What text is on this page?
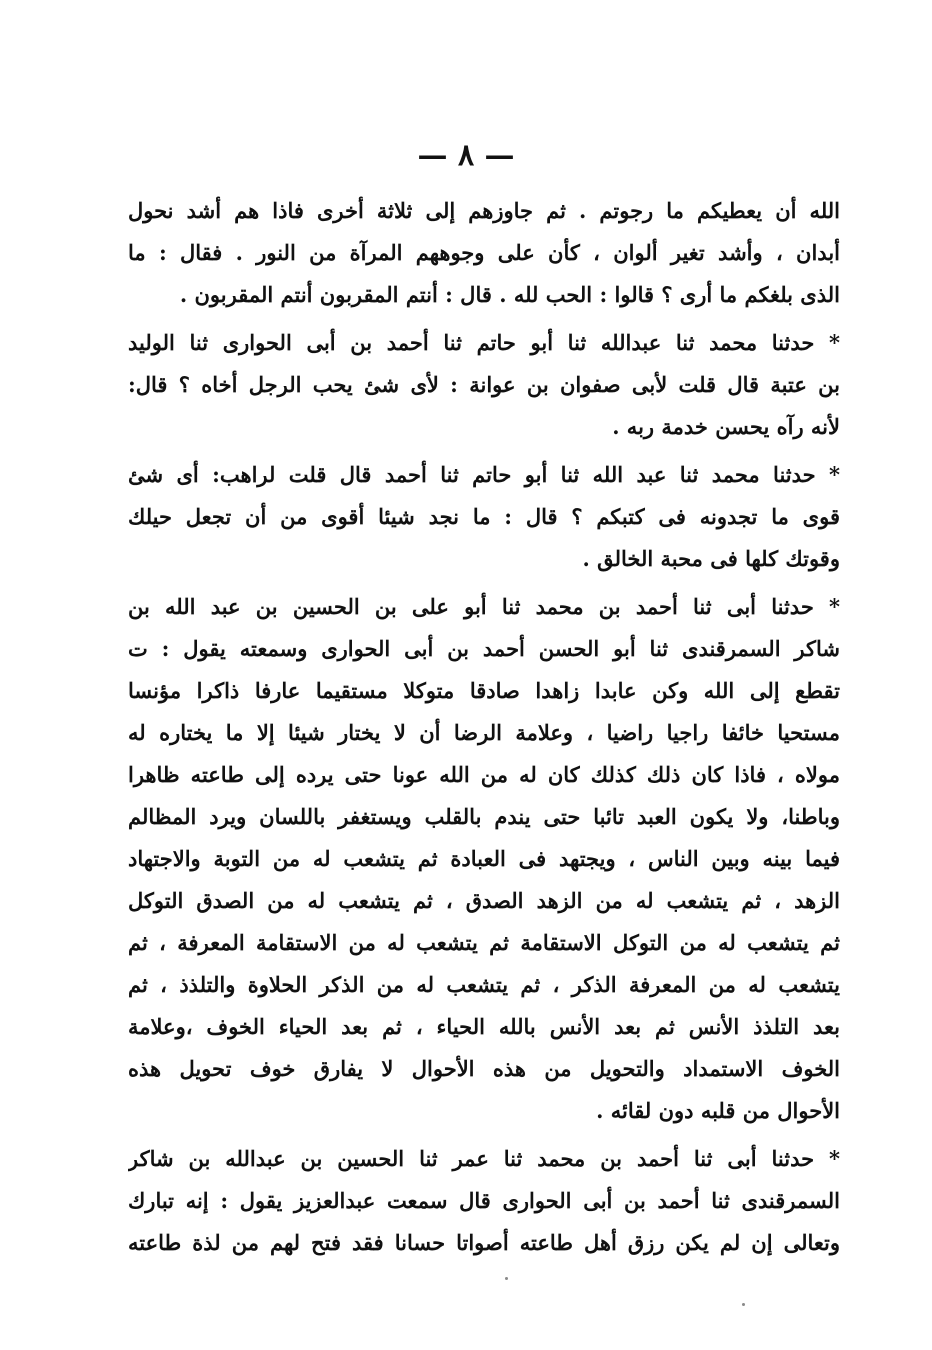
— ٨ —
الله أن يعطيكم ما رجوتم . ثم جاوزهم إلى ثلاثة أخرى فاذا هم أشد نحول
أبدان ، وأشد تغير ألوان ، كأن على وجوههم المرآة من النور . فقال : ما
الذى بلغكم ما أرى ؟ قالوا : الحب لله . قال : أنتم المقربون أنتم المقربون .
* حدثنا محمد ثنا عبدالله ثنا أبو حاتم ثنا أحمد بن أبى الحوارى ثنا الوليد
بن عتبة قال قلت لأبى صفوان بن عوانة : لأى شئ يحب الرجل أخاه ؟ قال:
لأنه رآه يحسن خدمة ربه .
* حدثنا محمد ثنا عبد الله ثنا أبو حاتم ثنا أحمد قال قلت لراهب: أى شئ
قوى ما تجدونه فى كتبكم ؟ قال : ما نجد شيئا أقوى من أن تجعل حيلك
وقوتك كلها فى محبة الخالق .
* حدثنا أبى ثنا أحمد بن محمد ثنا أبو على بن الحسين بن عبد الله بن
شاكر السمرقندى ثنا أبو الحسن أحمد بن أبى الحوارى وسمعته يقول : ت
تقطع إلى الله وكن عابدا زاهدا صادقا متوكلا مستقيما عارفا ذاكرا مؤنسا
مستحيا خائفا راجيا راضيا ، وعلامة الرضا أن لا يختار شيئا إلا ما يختاره له
مولاه ، فاذا كان ذلك كذلك كان له من الله عونا حتى يرده إلى طاعته ظاهرا
وباطنا، ولا يكون العبد تائبا حتى يندم بالقلب ويستغفر باللسان ويرد المظالم
فيما بينه وبين الناس ، ويجتهد فى العبادة ثم يتشعب له من التوبة والاجتهاد
الزهد ، ثم يتشعب له من الزهد الصدق ، ثم يتشعب له من الصدق التوكل
ثم يتشعب له من التوكل الاستقامة ثم يتشعب له من الاستقامة المعرفة ، ثم
يتشعب له من المعرفة الذكر ، ثم يتشعب له من الذكر الحلاوة والتلذذ ، ثم
بعد التلذذ الأنس ثم بعد الأنس بالله الحياء ، ثم بعد الحياء الخوف ،وعلامة
الخوف الاستمداد والتحويل من هذه الأحوال لا يفارق خوف تحويل هذه
الأحوال من قلبه دون لقائه .
* حدثنا أبى ثنا أحمد بن محمد ثنا عمر ثنا الحسين بن عبدالله بن شاكر
السمرقندى ثنا أحمد بن أبى الحوارى قال سمعت عبدالعزيز يقول : إنه تبارك
وتعالى إن لم يكن رزق أهل طاعته أصواتا حسانا فقد فتح لهم من لذة طاعته
